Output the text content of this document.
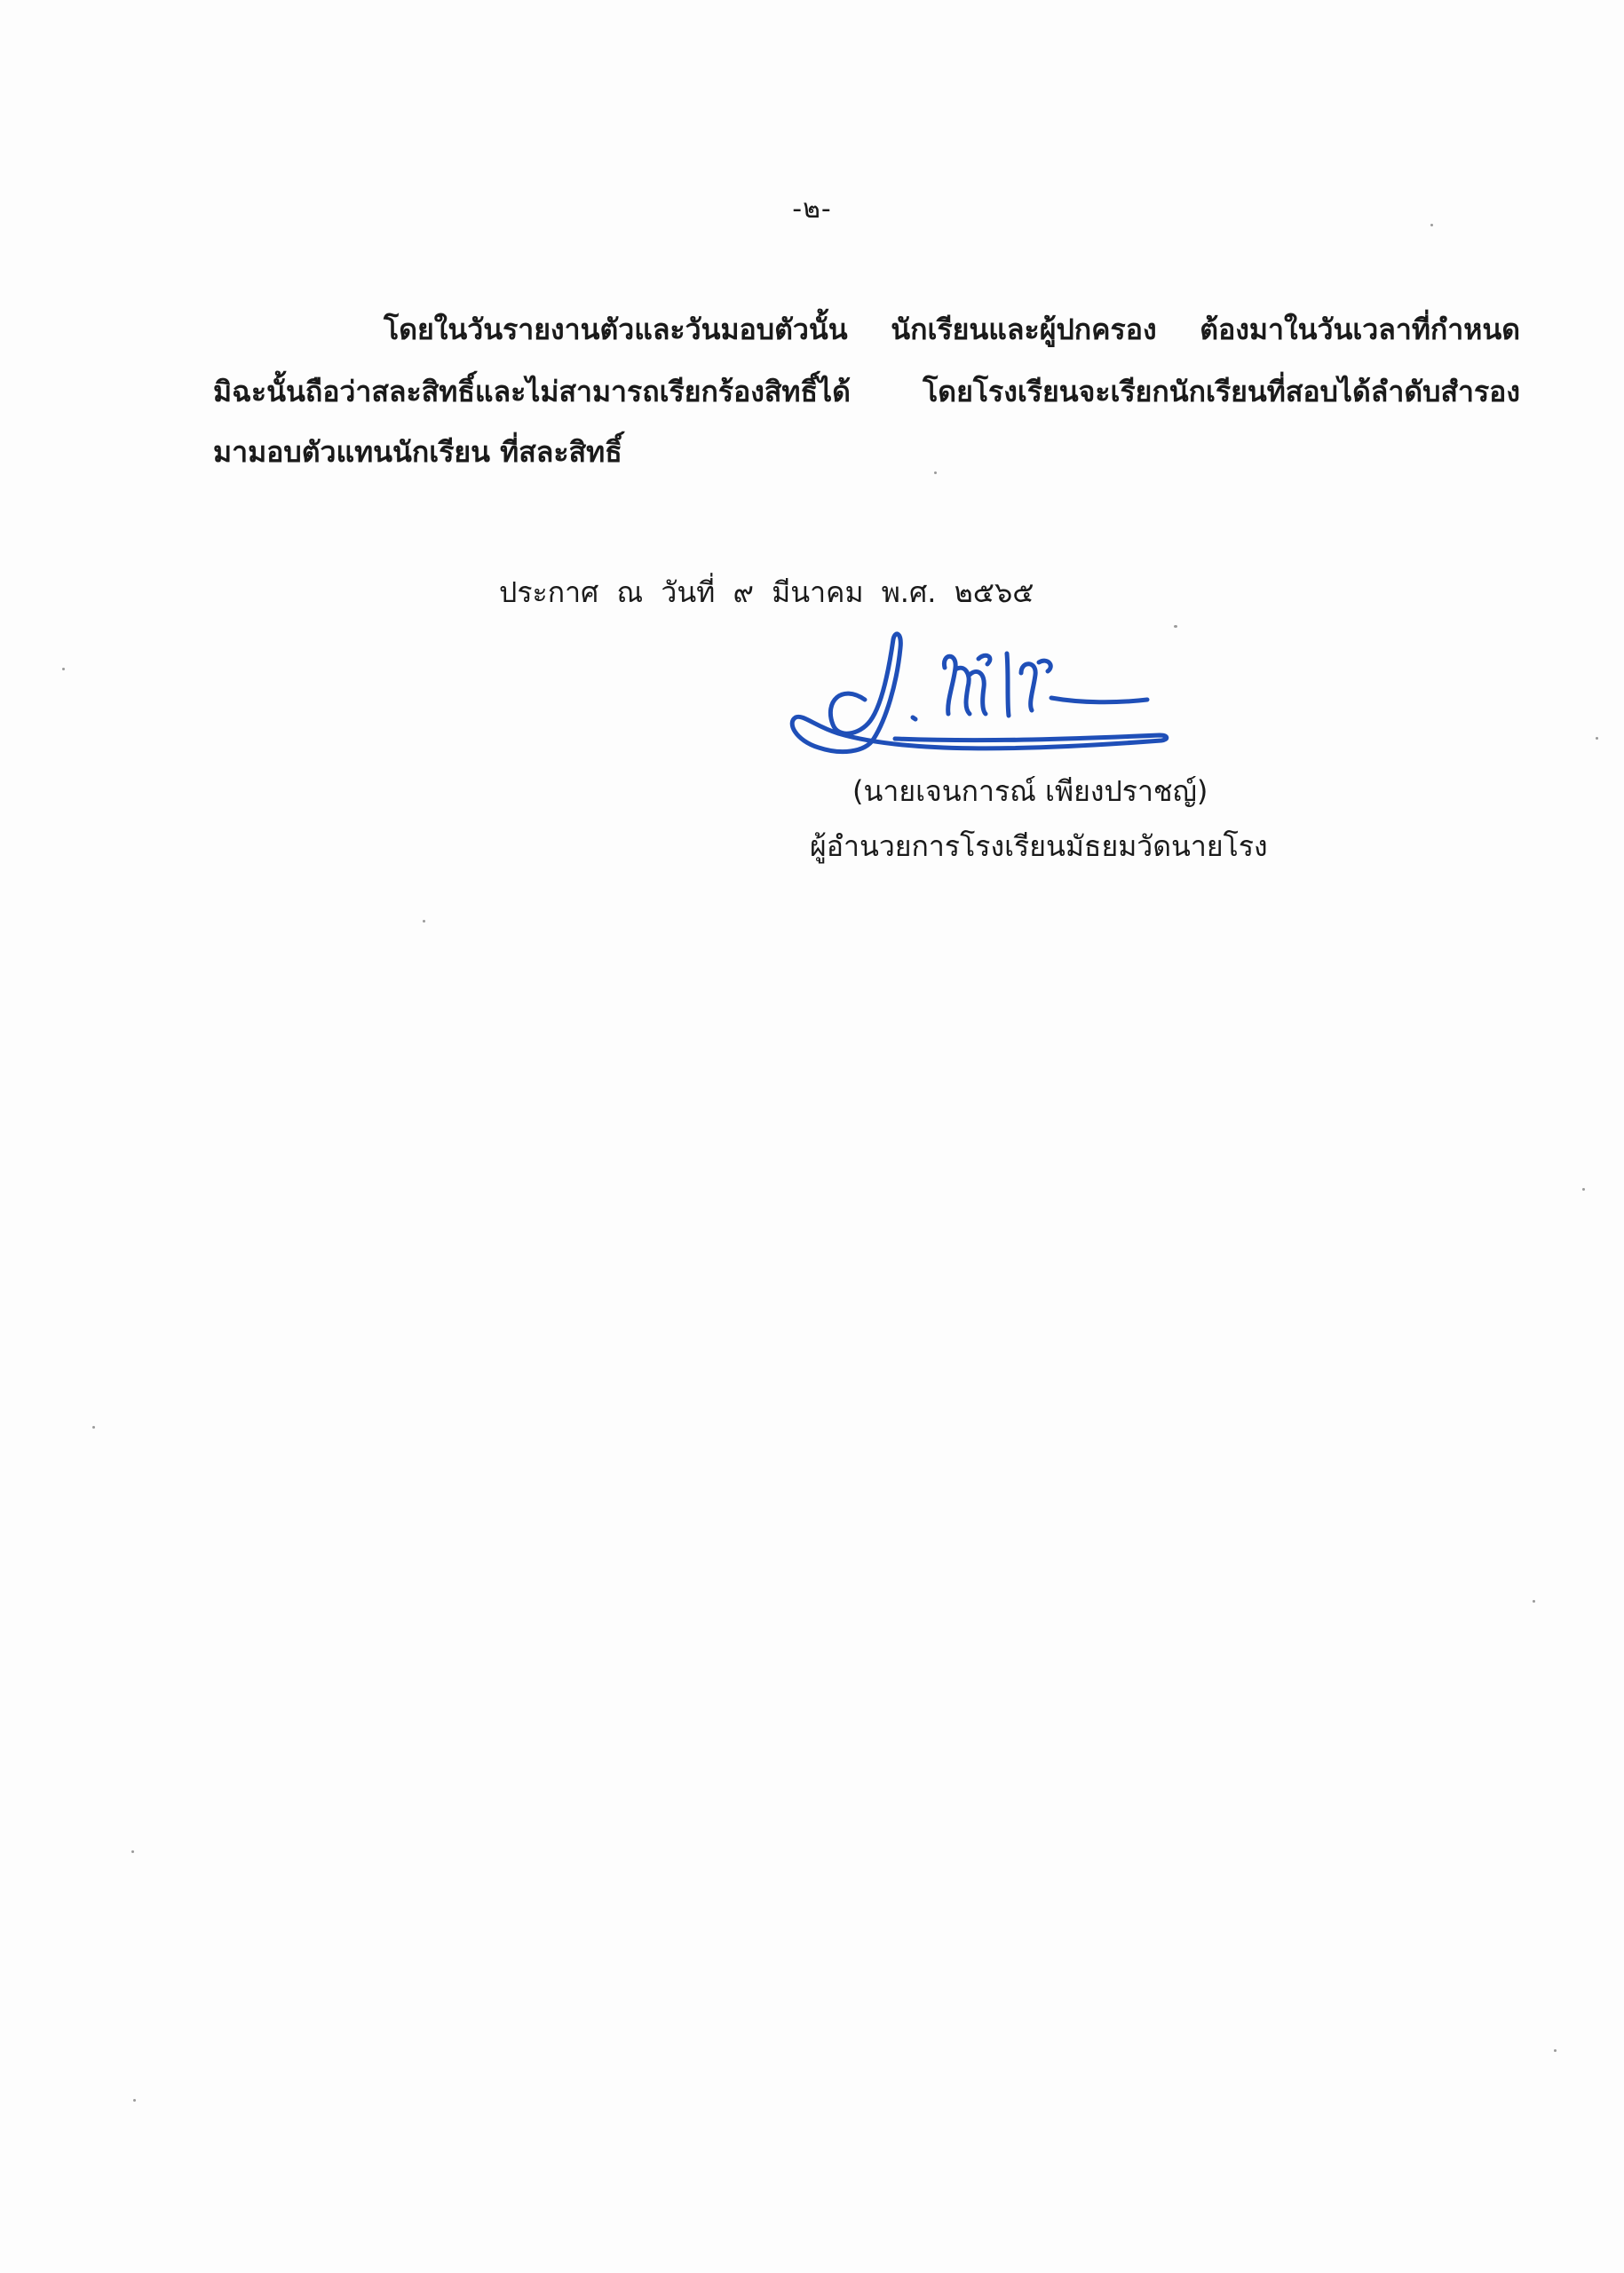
-๒-
โดยในวันรายงานตัวและวันมอบตัวนั้น นักเรียนและผู้ปกครอง ต้องมาในวันเวลาที่กำหนด
มิฉะนั้นถือว่าสละสิทธิ์และไม่สามารถเรียกร้องสิทธิ์ได้ โดยโรงเรียนจะเรียกนักเรียนที่สอบได้ลำดับสำรอง
มามอบตัวแทนนักเรียน ที่สละสิทธิ์
ประกาศ ณ วันที่ ๙ มีนาคม พ.ศ. ๒๕๖๕
(นายเจนการณ์ เพียงปราชญ์)
ผู้อำนวยการโรงเรียนมัธยมวัดนายโรง
